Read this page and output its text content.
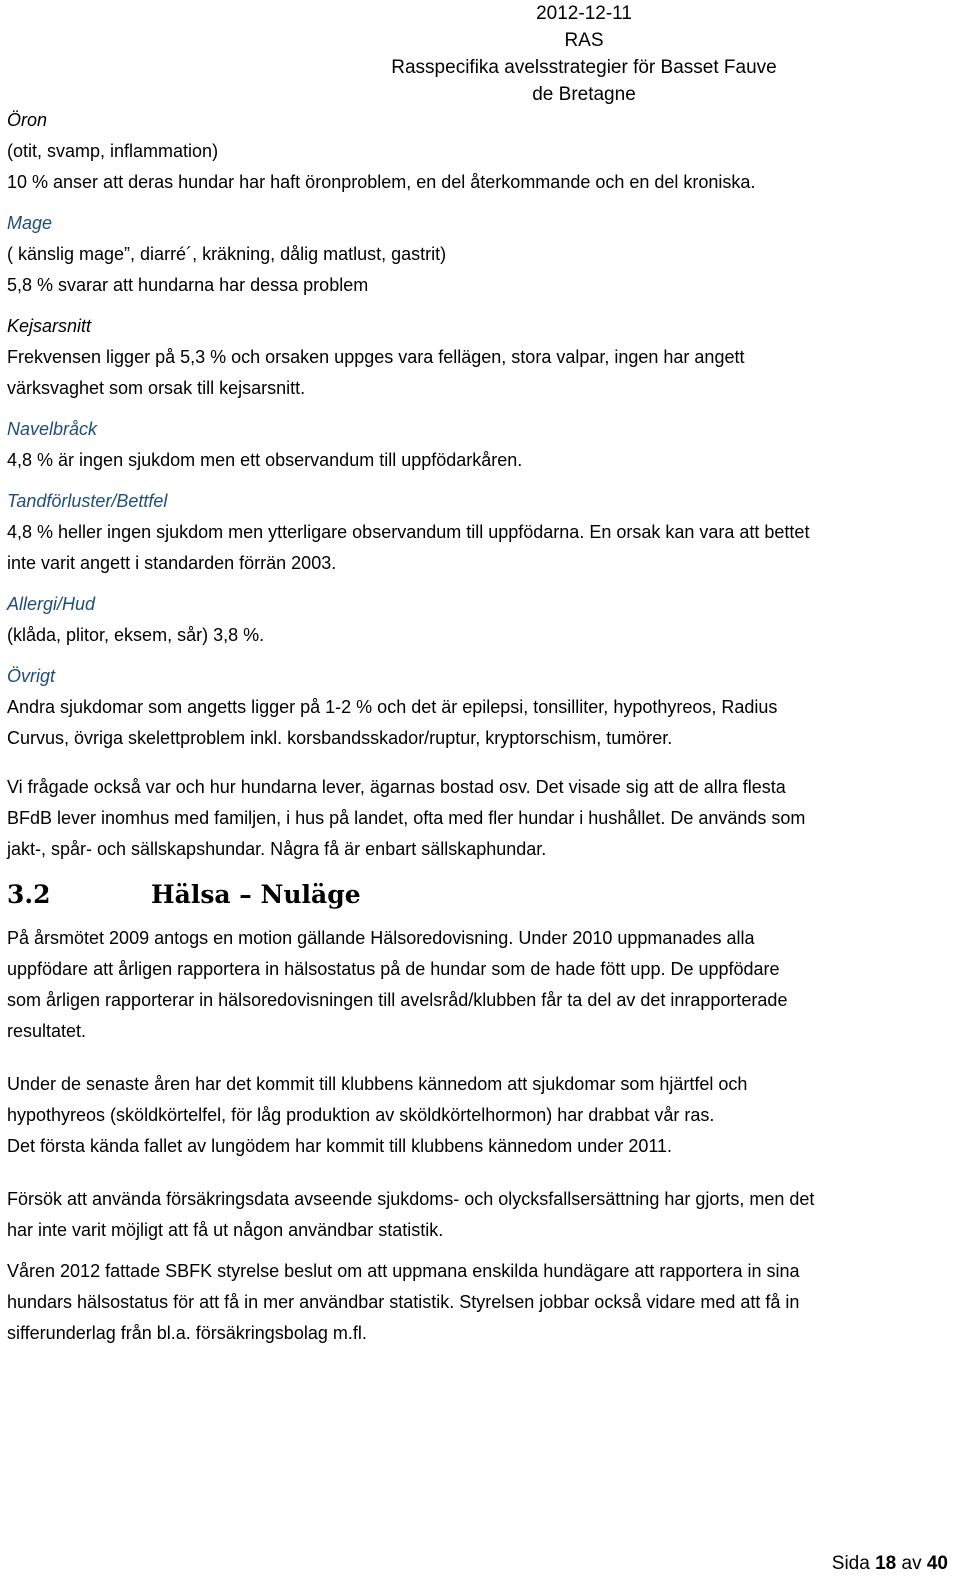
2012-12-11
RAS
Rasspecifika avelsstrategier för Basset Fauve de Bretagne
Öron
(otit, svamp, inflammation)
10 % anser att deras hundar har haft öronproblem, en del återkommande och en del kroniska.
Mage
( känslig mage”, diarré´, kräkning, dålig matlust, gastrit)
5,8 % svarar att hundarna har dessa problem
Kejsarsnitt
Frekvensen ligger på 5,3 % och orsaken uppges vara fellägen, stora valpar, ingen har angett
värksvaghet som orsak till kejsarsnitt.
Navelbråck
4,8 % är ingen sjukdom men ett observandum till uppfödarkåren.
Tandförluster/Bettfel
4,8 % heller ingen sjukdom men ytterligare observandum till uppfödarna. En orsak kan vara att bettet
inte varit angett i standarden förrän 2003.
Allergi/Hud
(klåda, plitor, eksem, sår) 3,8 %.
Övrigt
Andra sjukdomar som angetts ligger på 1-2 % och det är epilepsi, tonsilliter, hypothyreos, Radius
Curvus, övriga skelettproblem inkl. korsbandsskador/ruptur, kryptorschism, tumörer.
Vi frågade också var och hur hundarna lever, ägarnas bostad osv. Det visade sig att de allra flesta
BFdB lever inomhus med familjen, i hus på landet, ofta med fler hundar i hushållet. De används som
jakt-, spår- och sällskapshundar. Några få är enbart sällskaphundar.
3.2	Hälsa – Nuläge
På årsmötet 2009 antogs en motion gällande Hälsoredovisning. Under 2010 uppmanades alla
uppfödare att årligen rapportera in hälsostatus på de hundar som de hade fött upp. De uppfödare
som årligen rapporterar in hälsoredovisningen till avelsråd/klubben får ta del av det inrapporterade
resultatet.
Under de senaste åren har det kommit till klubbens kännedom att sjukdomar som hjärtfel och
hypothyreos (sköldkörtelfel, för låg produktion av sköldkörtelhormon) har drabbat vår ras.
Det första kända fallet av lungödem har kommit till klubbens kännedom under 2011.
Försök att använda försäkringsdata avseende sjukdoms- och olycksfallsersättning har gjorts, men det
har inte varit möjligt att få ut någon användbar statistik.
Våren 2012 fattade SBFK styrelse beslut om att uppmana enskilda hundägare att rapportera in sina
hundars hälsostatus för att få in mer användbar statistik. Styrelsen jobbar också vidare med att få in
sifferunderlag från bl.a. försäkringsbolag m.fl.
Sida 18 av 40
